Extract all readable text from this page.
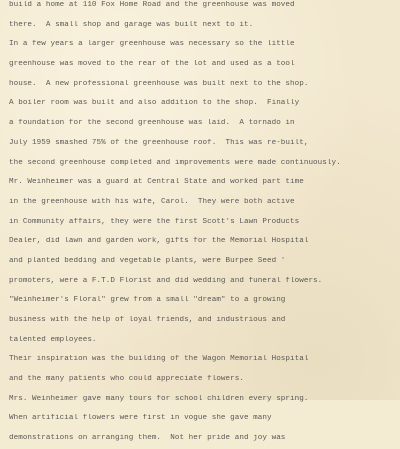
build a home at 110 Fox Home Road and the greenhouse was moved
there.  A small shop and garage was built next to it.
In a few years a larger greenhouse was necessary so the little
greenhouse was moved to the rear of the lot and used as a tool
house.  A new professional greenhouse was built next to the shop.
A boiler room was built and also addition to the shop.  Finally
a foundation for the second greenhouse was laid.  A tornado in
July 1959 smashed 75% of the greenhouse roof.  This was re-built,
the second greenhouse completed and improvements were made continuously.
Mr. Weinheimer was a guard at Central State and worked part time
in the greenhouse with his wife, Carol.  They were both active
in Community affairs, they were the first Scott's Lawn Products
Dealer, did lawn and garden work, gifts for the Memorial Hospital
and planted bedding and vegetable plants, were Burpee Seed '
promoters, were a F.T.D Florist and did wedding and funeral flowers.
"Weinheimer's Floral" grew from a small "dream" to a growing
business with the help of loyal friends, and industrious and
talented employees.
Their inspiration was the building of the Wagon Memorial Hospital
and the many patients who could appreciate flowers.
Mrs. Weinheimer gave many tours for school children every spring.
When artificial flowers were first in vogue she gave many
demonstrations on arranging them.  Not her pride and joy was
